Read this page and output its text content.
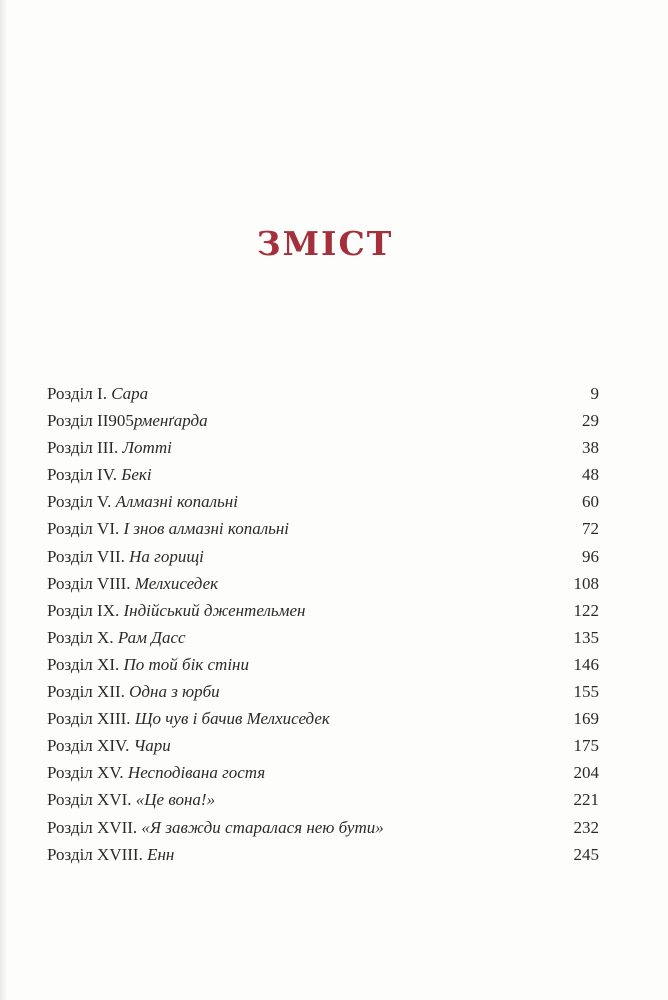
ЗМІСТ
Розділ I. Сара	9
Розділ II905рменґарда	29
Розділ III. Лотті	38
Розділ IV. Бекі	48
Розділ V. Алмазні копальні	60
Розділ VI. І знов алмазні копальні	72
Розділ VII. На горищі	96
Розділ VIII. Мелхиседек	108
Розділ IX. Індійський джентельмен	122
Розділ X. Рам Дасс	135
Розділ XI. По той бік стіни	146
Розділ XII. Одна з юрби	155
Розділ XIII. Що чув і бачив Мелхиседек	169
Розділ XIV. Чари	175
Розділ XV. Несподівана гостя	204
Розділ XVI. «Це вона!»	221
Розділ XVII. «Я завжди старалася нею бути»	232
Розділ XVIII. Енн	245
